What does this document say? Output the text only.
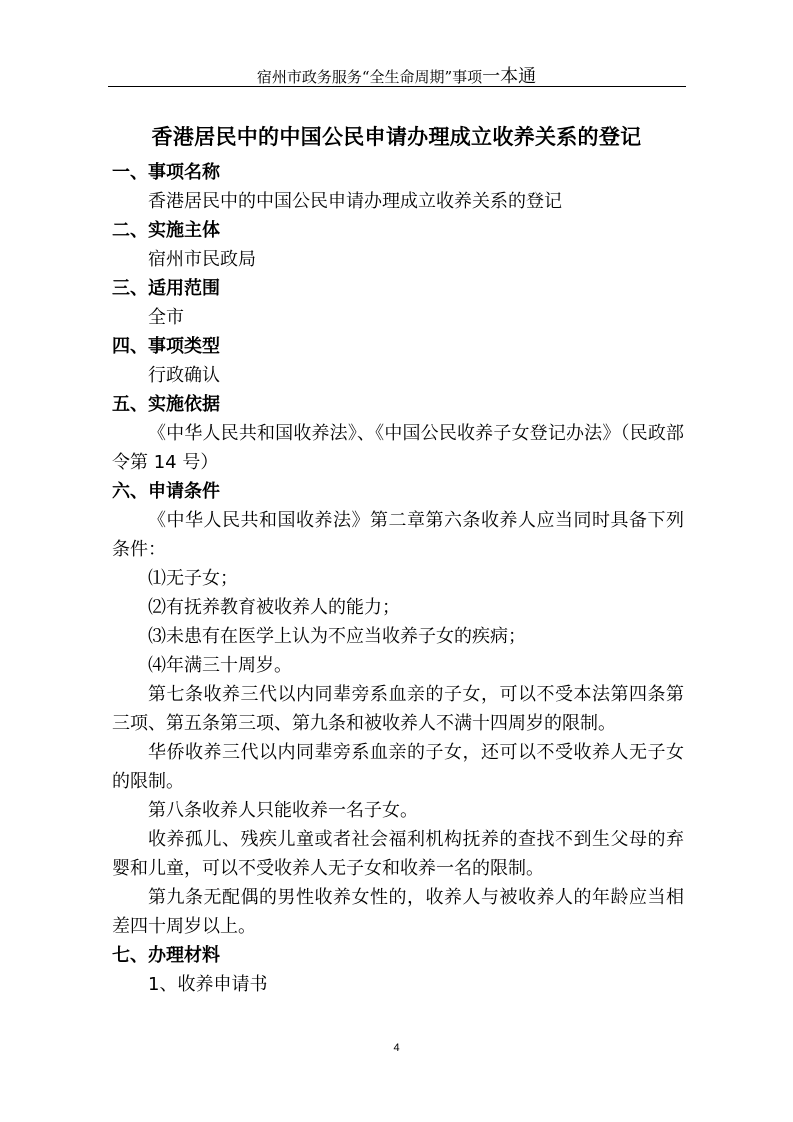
宿州市政务服务“全生命周期”事项一本通
香港居民中的中国公民申请办理成立收养关系的登记

一、事项名称

香港居民中的中国公民申请办理成立收养关系的登记

二、实施主体

宿州市民政局

三、适用范围

全市

四、事项类型

行政确认

五、实施依据

《中华人民共和国收养法》、《中国公民收养子女登记办法》（民政部令第 14 号）

六、申请条件

《中华人民共和国收养法》第二章第六条收养人应当同时具备下列条件：

⑴无子女；

⑵有抚养教育被收养人的能力；

⑶未患有在医学上认为不应当收养子女的疾病；

⑷年满三十周岁。

第七条收养三代以内同辈旁系血亲的子女，可以不受本法第四条第三项、第五条第三项、第九条和被收养人不满十四周岁的限制。

华侨收养三代以内同辈旁系血亲的子女，还可以不受收养人无子女的限制。

第八条收养人只能收养一名子女。

收养孤儿、残疾儿童或者社会福利机构抚养的查找不到生父母的弃婴和儿童，可以不受收养人无子女和收养一名的限制。

第九条无配偶的男性收养女性的，收养人与被收养人的年龄应当相差四十周岁以上。

七、办理材料

1、收养申请书

4
